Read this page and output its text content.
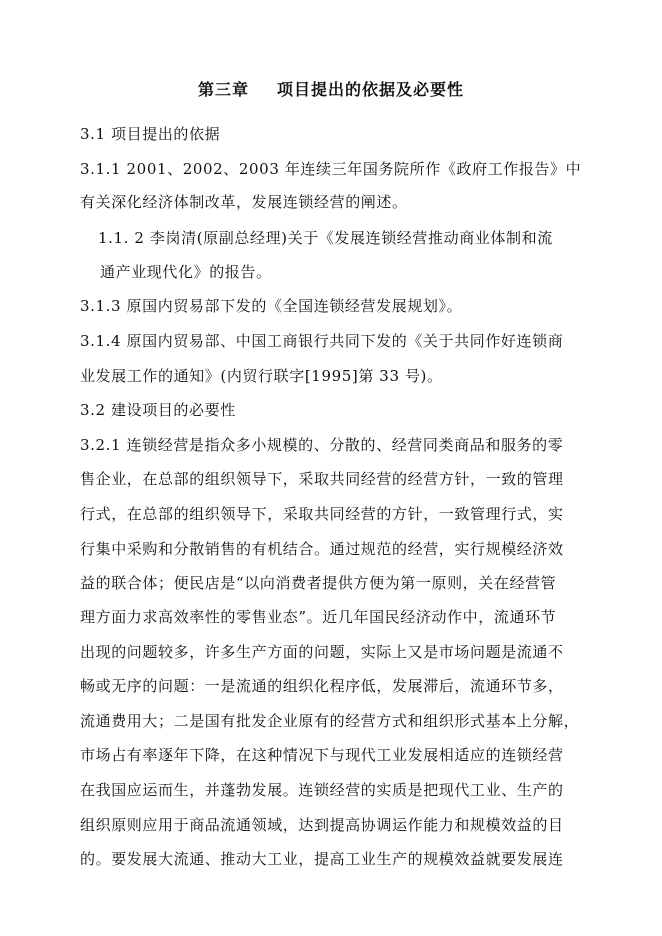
第三章 项目提出的依据及必要性
3.1 项目提出的依据
3.1.1 2001、2002、2003 年连续三年国务院所作《政府工作报告》中
有关深化经济体制改革，发展连锁经营的阐述。
1.1. 2 李岗清(原副总经理)关于《发展连锁经营推动商业体制和流
通产业现代化》的报告。
3.1.3 原国内贸易部下发的《全国连锁经营发展规划》。
3.1.4 原国内贸易部、中国工商银行共同下发的《关于共同作好连锁商
业发展工作的通知》(内贸行联字[1995]第 33 号)。
3.2 建设项目的必要性
3.2.1 连锁经营是指众多小规模的、分散的、经营同类商品和服务的零
售企业，在总部的组织领导下，采取共同经营的经营方针，一致的管理
行式，在总部的组织领导下，采取共同经营的方针，一致管理行式，实
行集中采购和分散销售的有机结合。通过规范的经营，实行规模经济效
益的联合体；便民店是“以向消费者提供方便为第一原则，关在经营管
理方面力求高效率性的零售业态”。近几年国民经济动作中，流通环节
出现的问题较多，许多生产方面的问题，实际上又是市场问题是流通不
畅或无序的问题：一是流通的组织化程序低，发展滞后，流通环节多，
流通费用大；二是国有批发企业原有的经营方式和组织形式基本上分解，
市场占有率逐年下降，在这种情况下与现代工业发展相适应的连锁经营
在我国应运而生，并蓬勃发展。连锁经营的实质是把现代工业、生产的
组织原则应用于商品流通领域，达到提高协调运作能力和规模效益的目
的。要发展大流通、推动大工业，提高工业生产的规模效益就要发展连
